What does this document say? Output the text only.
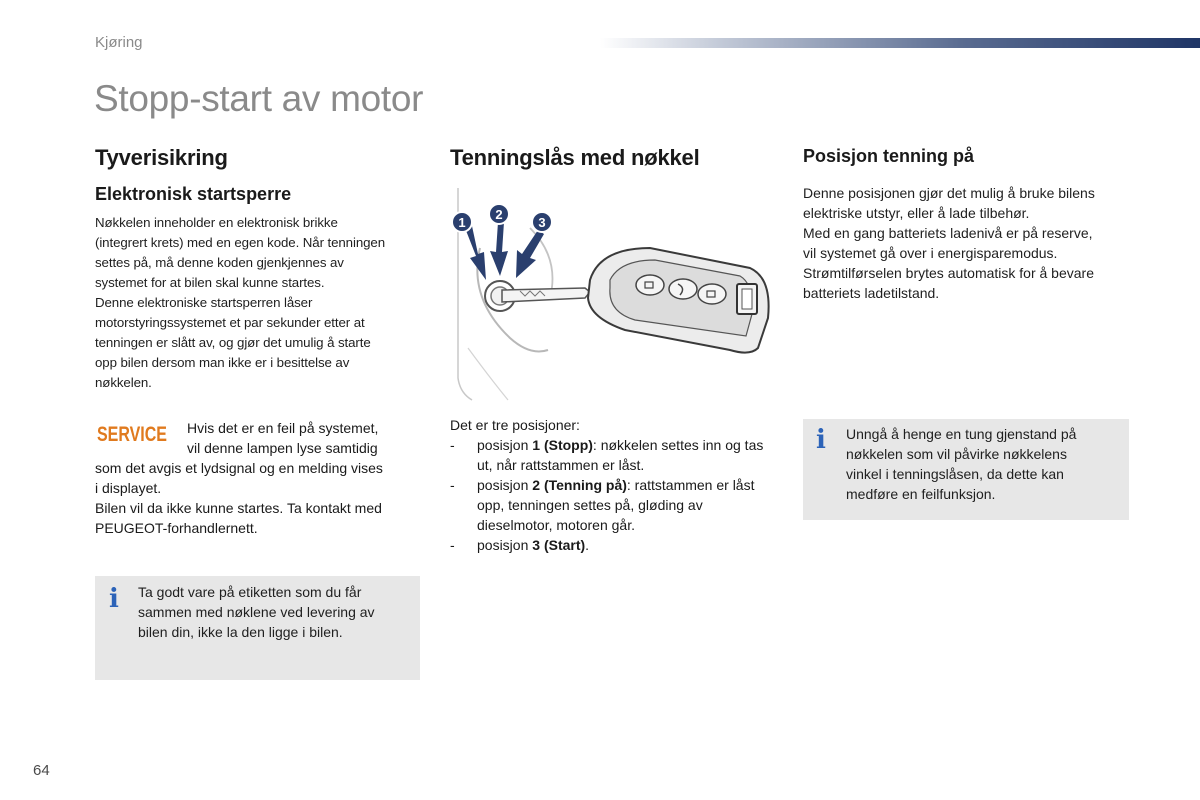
Kjøring
Stopp-start av motor
Tyverisikring
Elektronisk startsperre

Nøkkelen inneholder en elektronisk brikke

(integrert krets) med en egen kode. Når tenningen

settes på, må denne koden gjenkjennes av

systemet for at bilen skal kunne startes.

Denne elektroniske startsperren låser

motorstyringssystemet et par sekunder etter at

tenningen er slått av, og gjør det umulig å starte

opp bilen dersom man ikke er i besittelse av

nøkkelen.

SERVICE	Hvis det er en feil på systemet,

vil denne lampen lyse samtidig

som det avgis et lydsignal og en melding vises

i displayet.

Bilen vil da ikke kunne startes. Ta kontakt med

PEUGEOT-forhandlernett.

i Ta godt vare på etiketten som du får

sammen med nøklene ved levering av

bilen din, ikke la den ligge i bilen.

Tenningslås med nøkkel
1
2
3
Det er tre posisjoner:
- posisjon 1 (Stopp): nøkkelen settes inn og tas ut, når rattstammen er låst.
- posisjon 2 (Tenning på): rattstammen er låst opp, tenningen settes på, gløding av dieselmotor, motoren går.
- posisjon 3 (Start).
Posisjon tenning på

Denne posisjonen gjør det mulig å bruke bilens

elektriske utstyr, eller å lade tilbehør.

Med en gang batteriets ladenivå er på reserve,

vil systemet gå over i energisparemodus.

Strømtilførselen brytes automatisk for å bevare

batteriets ladetilstand.

i Unngå å henge en tung gjenstand på

nøkkelen som vil påvirke nøkkelens

vinkel i tenningslåsen, da dette kan

medføre en feilfunksjon.

64
